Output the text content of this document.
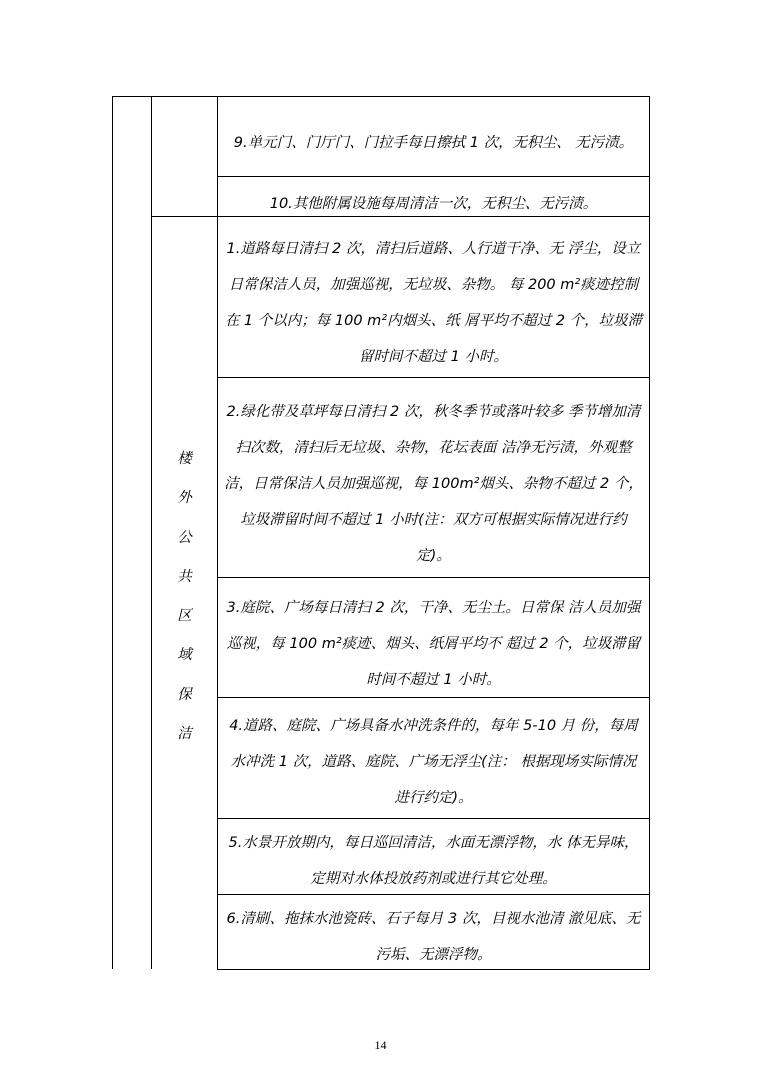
9.单元门、门厅门、门拉手每日擦拭 1 次，无积尘、 无污渍。
10.其他附属设施每周清洁一次，无积尘、无污渍。
楼
外
公
共
区
域
保
洁
1.道路每日清扫 2 次，清扫后道路、人行道干净、无 浮尘，设立日常保洁人员，加强巡视，无垃圾、杂物。 每 200 m²痰迹控制在 1 个以内；每 100 m²内烟头、纸 屑平均不超过 2 个，垃圾滞留时间不超过 1 小时。
2.绿化带及草坪每日清扫 2 次，秋冬季节或落叶较多 季节增加清扫次数，清扫后无垃圾、杂物，花坛表面 洁净无污渍，外观整洁，日常保洁人员加强巡视，每 100m²烟头、杂物不超过 2 个，垃圾滞留时间不超过 1 小时(注：双方可根据实际情况进行约定)。
3.庭院、广场每日清扫 2 次，干净、无尘土。日常保 洁人员加强巡视，每 100 m²痰迹、烟头、纸屑平均不 超过 2 个，垃圾滞留时间不超过 1 小时。
4.道路、庭院、广场具备水冲洗条件的，每年 5-10 月 份，每周水冲洗 1 次，道路、庭院、广场无浮尘(注： 根据现场实际情况进行约定)。
5.水景开放期内，每日巡回清洁，水面无漂浮物，水 体无异味，定期对水体投放药剂或进行其它处理。
6.清刷、拖抹水池瓷砖、石子每月 3 次，目视水池清 澈见底、无污垢、无漂浮物。
14
